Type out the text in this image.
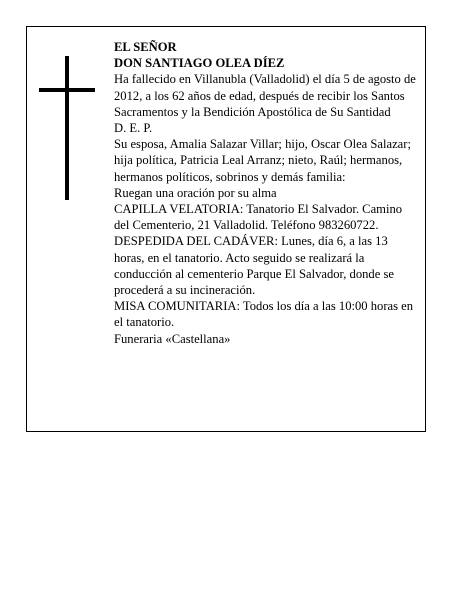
EL SEÑOR

DON SANTIAGO OLEA DÍEZ

Ha fallecido en Villanubla (Valladolid) el día 5 de agosto de 2012, a los 62 años de edad, después de recibir los Santos Sacramentos y la Bendición Apostólica de Su Santidad

D. E. P.

Su esposa, Amalia Salazar Villar; hijo, Oscar Olea Salazar; hija política, Patricia Leal Arranz; nieto, Raúl; hermanos, hermanos políticos, sobrinos y demás familia:

Ruegan una oración por su alma

CAPILLA VELATORIA: Tanatorio El Salvador. Camino del Cementerio, 21 Valladolid. Teléfono 983260722.

DESPEDIDA DEL CADÁVER: Lunes, día 6, a las 13 horas, en el tanatorio. Acto seguido se realizará la conducción al cementerio Parque El Salvador, donde se procederá a su incineración.

MISA COMUNITARIA: Todos los día a las 10:00 horas en el tanatorio.

Funeraria «Castellana»
